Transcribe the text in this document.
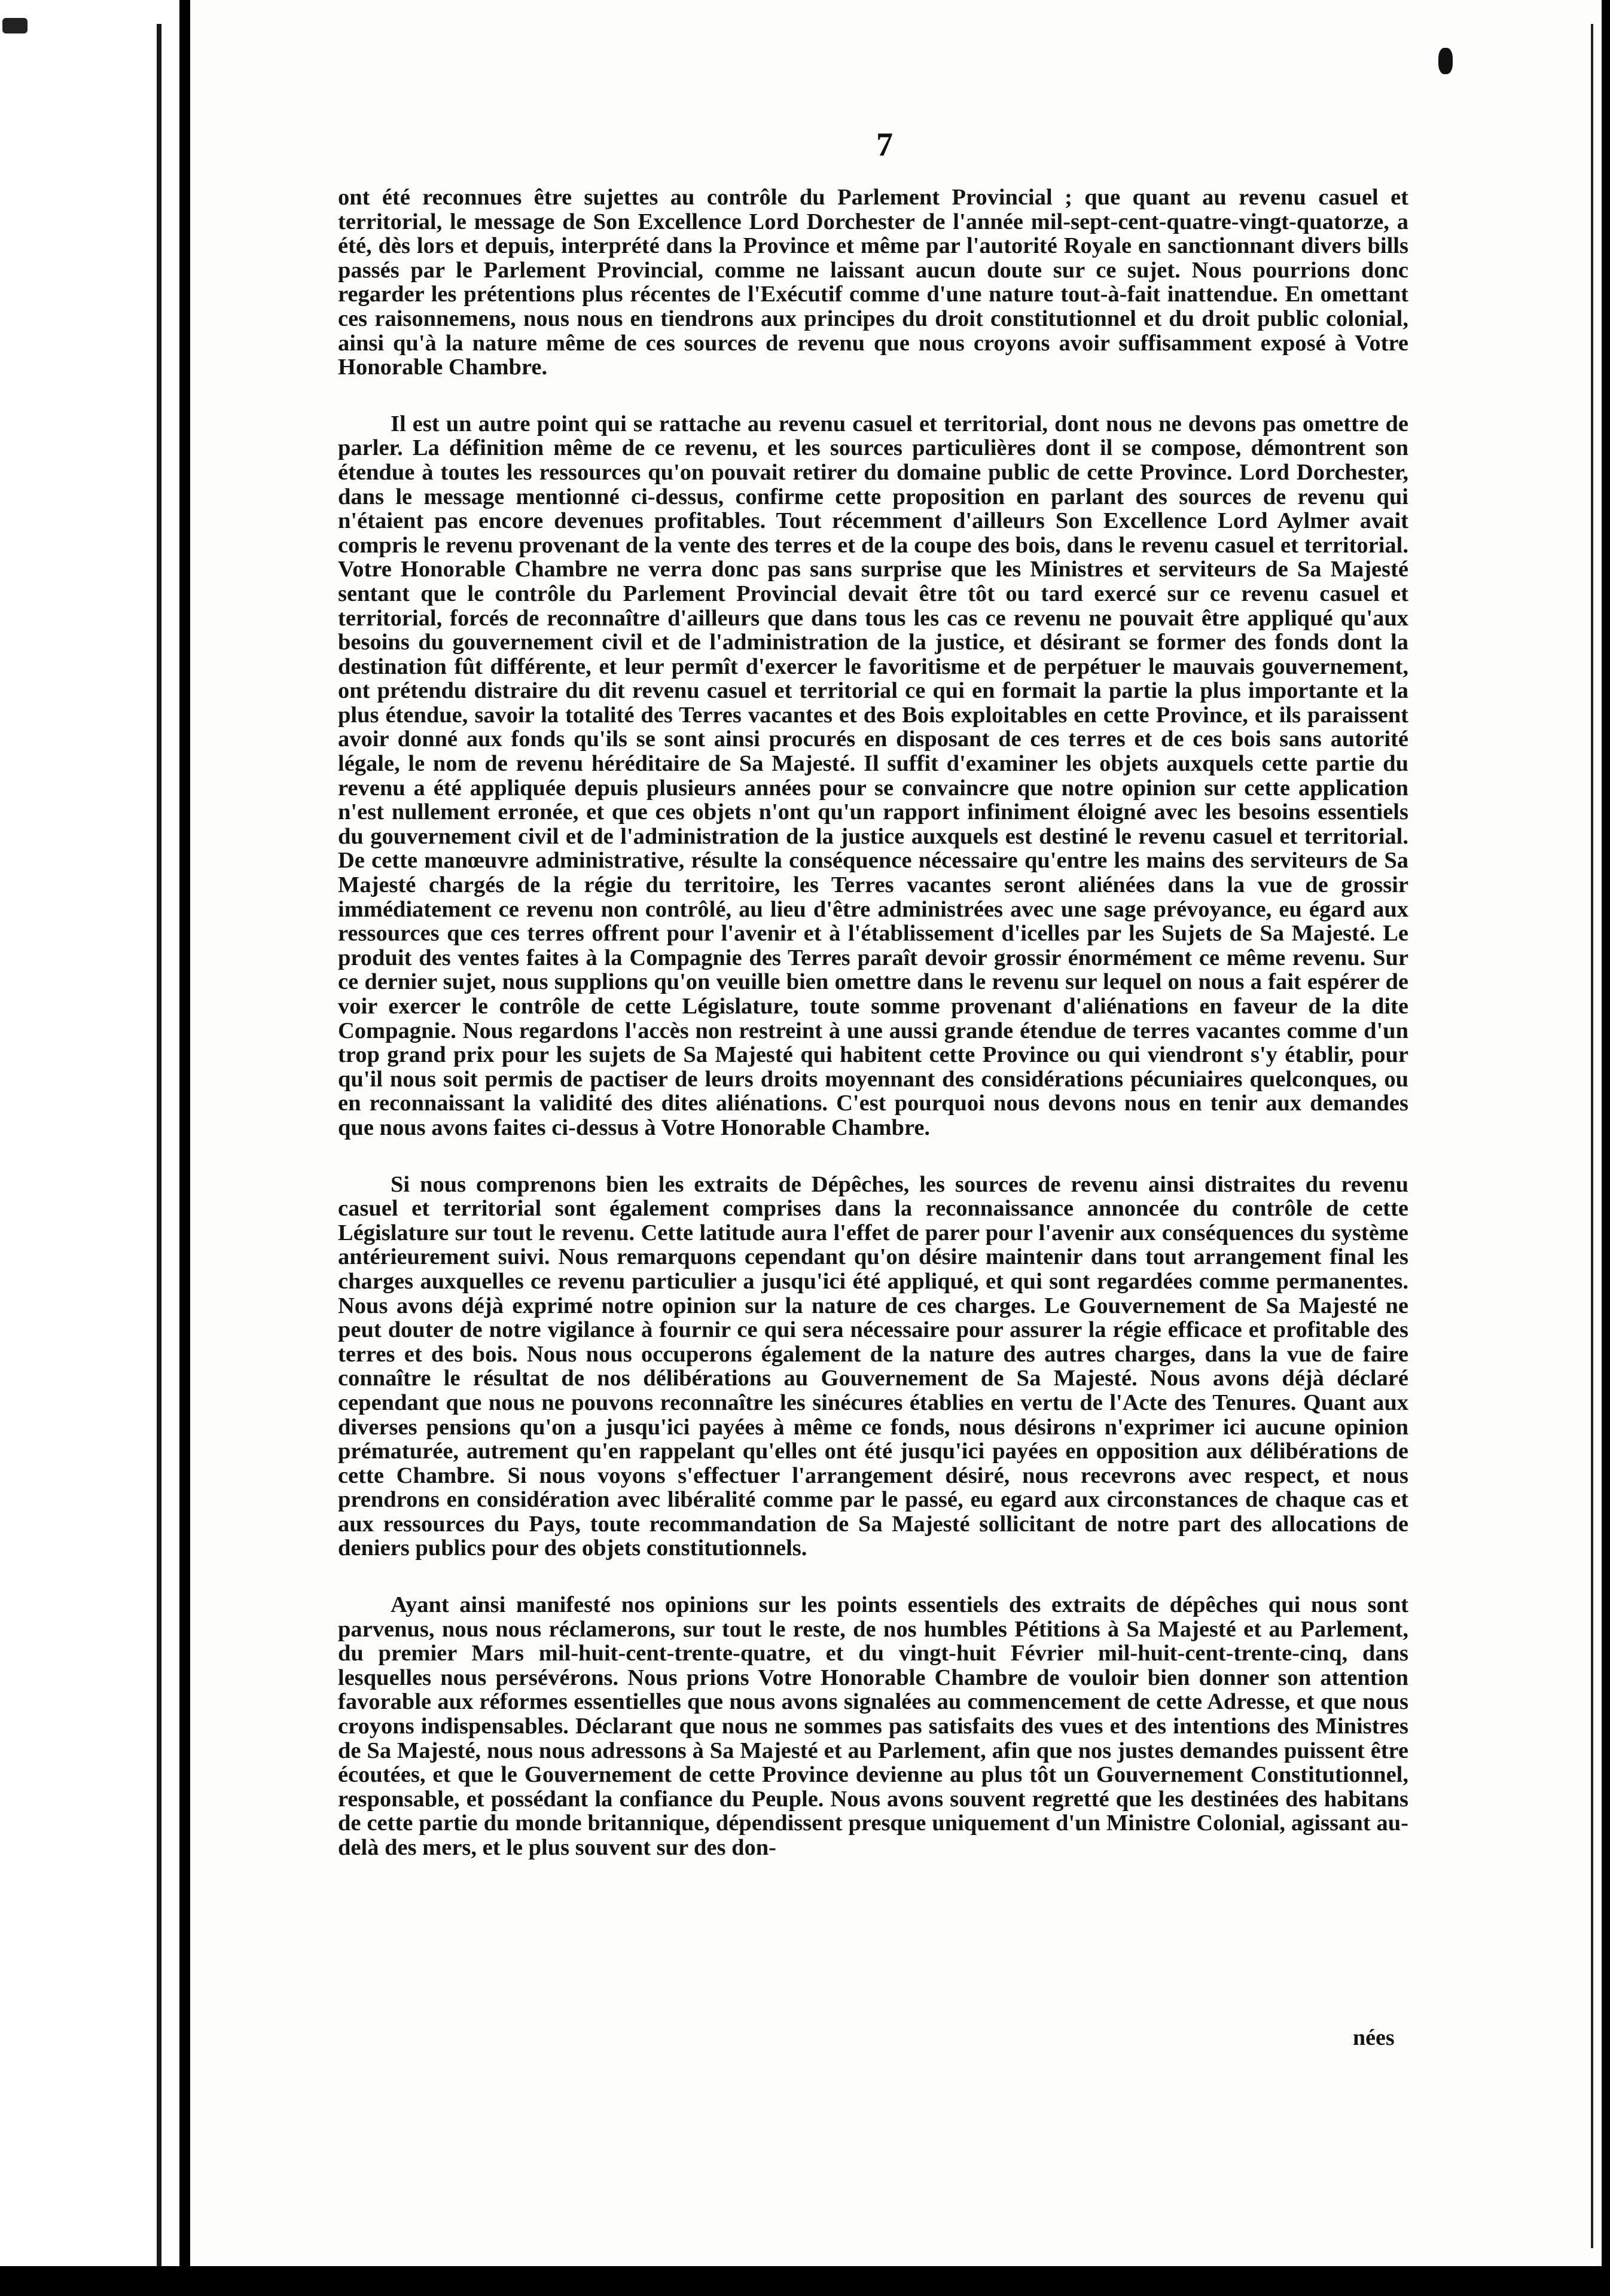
7

ont été reconnues être sujettes au contrôle du Parlement Provincial ; que quant au revenu casuel et territorial, le message de Son Excellence Lord Dorchester de l'année mil-sept-cent-quatre-vingt-quatorze, a été, dès lors et depuis, interprété dans la Province et même par l'autorité Royale en sanctionnant divers bills passés par le Parlement Provincial, comme ne laissant aucun doute sur ce sujet. Nous pourrions donc regarder les prétentions plus récentes de l'Exécutif comme d'une nature tout-à-fait inattendue. En omettant ces raisonnemens, nous nous en tiendrons aux principes du droit constitutionnel et du droit public colonial, ainsi qu'à la nature même de ces sources de revenu que nous croyons avoir suffisamment exposé à Votre Honorable Chambre.

Il est un autre point qui se rattache au revenu casuel et territorial, dont nous ne devons pas omettre de parler. La définition même de ce revenu, et les sources particulières dont il se compose, démontrent son étendue à toutes les ressources qu'on pouvait retirer du domaine public de cette Province. Lord Dorchester, dans le message mentionné ci-dessus, confirme cette proposition en parlant des sources de revenu qui n'étaient pas encore devenues profitables. Tout récemment d'ailleurs Son Excellence Lord Aylmer avait compris le revenu provenant de la vente des terres et de la coupe des bois, dans le revenu casuel et territorial. Votre Honorable Chambre ne verra donc pas sans surprise que les Ministres et serviteurs de Sa Majesté sentant que le contrôle du Parlement Provincial devait être tôt ou tard exercé sur ce revenu casuel et territorial, forcés de reconnaître d'ailleurs que dans tous les cas ce revenu ne pouvait être appliqué qu'aux besoins du gouvernement civil et de l'administration de la justice, et désirant se former des fonds dont la destination fût différente, et leur permît d'exercer le favoritisme et de perpétuer le mauvais gouvernement, ont prétendu distraire du dit revenu casuel et territorial ce qui en formait la partie la plus importante et la plus étendue, savoir la totalité des Terres vacantes et des Bois exploitables en cette Province, et ils paraissent avoir donné aux fonds qu'ils se sont ainsi procurés en disposant de ces terres et de ces bois sans autorité légale, le nom de revenu héréditaire de Sa Majesté. Il suffit d'examiner les objets auxquels cette partie du revenu a été appliquée depuis plusieurs années pour se convaincre que notre opinion sur cette application n'est nullement erronée, et que ces objets n'ont qu'un rapport infiniment éloigné avec les besoins essentiels du gouvernement civil et de l'administration de la justice auxquels est destiné le revenu casuel et territorial. De cette manœuvre administrative, résulte la conséquence nécessaire qu'entre les mains des serviteurs de Sa Majesté chargés de la régie du territoire, les Terres vacantes seront aliénées dans la vue de grossir immédiatement ce revenu non contrôlé, au lieu d'être administrées avec une sage prévoyance, eu égard aux ressources que ces terres offrent pour l'avenir et à l'établissement d'icelles par les Sujets de Sa Majesté. Le produit des ventes faites à la Compagnie des Terres paraît devoir grossir énormément ce même revenu. Sur ce dernier sujet, nous supplions qu'on veuille bien omettre dans le revenu sur lequel on nous a fait espérer de voir exercer le contrôle de cette Législature, toute somme provenant d'aliénations en faveur de la dite Compagnie. Nous regardons l'accès non restreint à une aussi grande étendue de terres vacantes comme d'un trop grand prix pour les sujets de Sa Majesté qui habitent cette Province ou qui viendront s'y établir, pour qu'il nous soit permis de pactiser de leurs droits moyennant des considérations pécuniaires quelconques, ou en reconnaissant la validité des dites aliénations. C'est pourquoi nous devons nous en tenir aux demandes que nous avons faites ci-dessus à Votre Honorable Chambre.

Si nous comprenons bien les extraits de Dépêches, les sources de revenu ainsi distraites du revenu casuel et territorial sont également comprises dans la reconnaissance annoncée du contrôle de cette Législature sur tout le revenu. Cette latitude aura l'effet de parer pour l'avenir aux conséquences du système antérieurement suivi. Nous remarquons cependant qu'on désire maintenir dans tout arrangement final les charges auxquelles ce revenu particulier a jusqu'ici été appliqué, et qui sont regardées comme permanentes. Nous avons déjà exprimé notre opinion sur la nature de ces charges. Le Gouvernement de Sa Majesté ne peut douter de notre vigilance à fournir ce qui sera nécessaire pour assurer la régie efficace et profitable des terres et des bois. Nous nous occuperons également de la nature des autres charges, dans la vue de faire connaître le résultat de nos délibérations au Gouvernement de Sa Majesté. Nous avons déjà déclaré cependant que nous ne pouvons reconnaître les sinécures établies en vertu de l'Acte des Tenures. Quant aux diverses pensions qu'on a jusqu'ici payées à même ce fonds, nous désirons n'exprimer ici aucune opinion prématurée, autrement qu'en rappelant qu'elles ont été jusqu'ici payées en opposition aux délibérations de cette Chambre. Si nous voyons s'effectuer l'arrangement désiré, nous recevrons avec respect, et nous prendrons en considération avec libéralité comme par le passé, eu egard aux circonstances de chaque cas et aux ressources du Pays, toute recommandation de Sa Majesté sollicitant de notre part des allocations de deniers publics pour des objets constitutionnels.

Ayant ainsi manifesté nos opinions sur les points essentiels des extraits de dépêches qui nous sont parvenus, nous nous réclamerons, sur tout le reste, de nos humbles Pétitions à Sa Majesté et au Parlement, du premier Mars mil-huit-cent-trente-quatre, et du vingt-huit Février mil-huit-cent-trente-cinq, dans lesquelles nous persévérons. Nous prions Votre Honorable Chambre de vouloir bien donner son attention favorable aux réformes essentielles que nous avons signalées au commencement de cette Adresse, et que nous croyons indispensables. Déclarant que nous ne sommes pas satisfaits des vues et des intentions des Ministres de Sa Majesté, nous nous adressons à Sa Majesté et au Parlement, afin que nos justes demandes puissent être écoutées, et que le Gouvernement de cette Province devienne au plus tôt un Gouvernement Constitutionnel, responsable, et possédant la confiance du Peuple. Nous avons souvent regretté que les destinées des habitans de cette partie du monde britannique, dépendissent presque uniquement d'un Ministre Colonial, agissant au-delà des mers, et le plus souvent sur des don-

nées
